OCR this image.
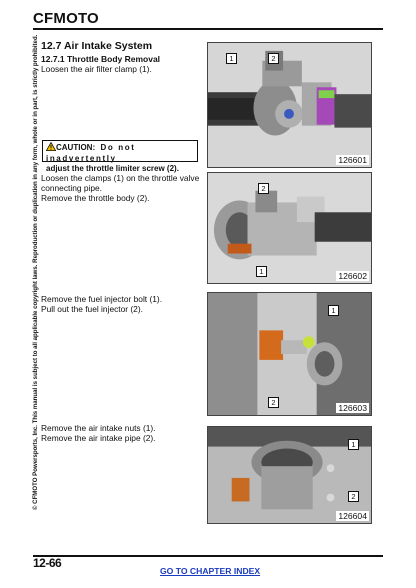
CFMOTO
© CFMOTO Powersports, Inc. This manual is subject to all applicable copyright laws. Reproduction or duplication in any form, whole or in part, is strictly prohibited. 12.7 Air Intake System
12.7.1 Throttle Body Removal
Loosen the air filter clamp (1).
CAUTION: Do not inadvertently
adjust the throttle limiter screw (2).
1	2
126601
Loosen the clamps (1) on the throttle valve
connecting pipe.
Remove the throttle body (2).
2
1	126602
Remove the fuel injector bolt (1).
Pull out the fuel injector (2).	1
2
126603
Remove the air intake nuts (1).
Remove the air intake pipe (2).
1
2
126604
12-66
GO TO CHAPTER INDEX
